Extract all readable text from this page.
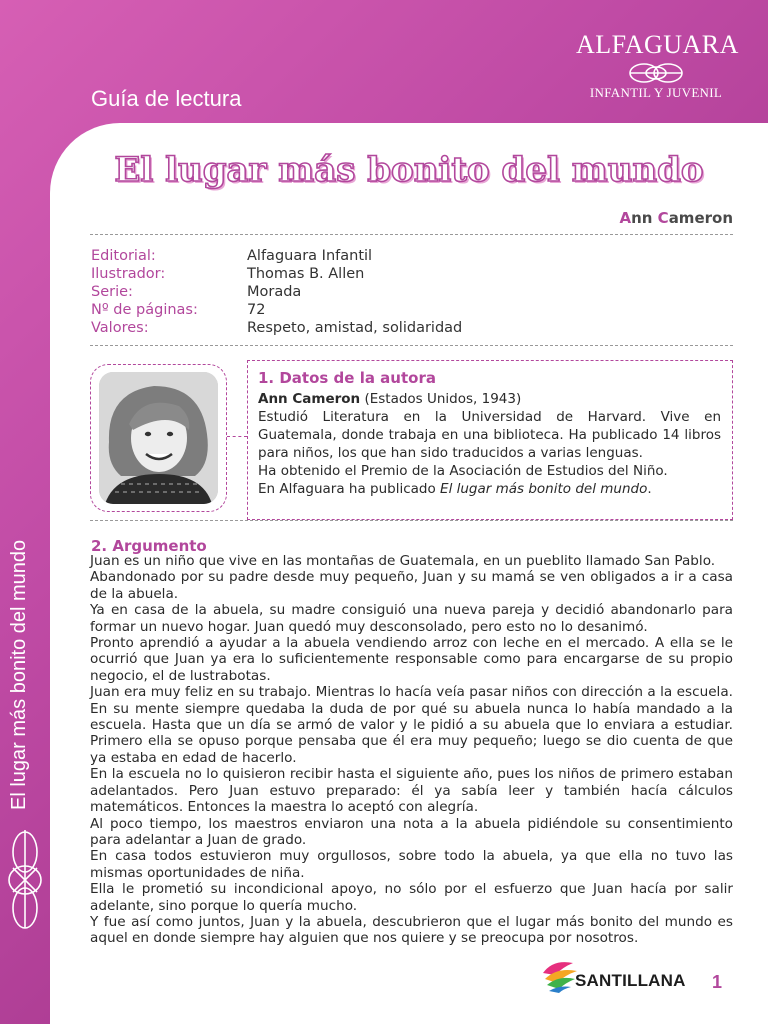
Guía de lectura
ALFAGUARA
INFANTIL Y JUVENIL
El lugar más bonito del mundo
El lugar más bonito del mundo
Ann Cameron
Editorial:	Alfaguara Infantil
Ilustrador:	Thomas B. Allen
Serie:	Morada
Nº de páginas:	72
Valores:	Respeto, amistad, solidaridad
1. Datos de la autora

Ann Cameron (Estados Unidos, 1943)

Estudió Literatura en la Universidad de Harvard. Vive en Guatemala, donde trabaja en una biblioteca. Ha publicado 14 libros para niños, los que han sido traducidos a varias lenguas.

Ha obtenido el Premio de la Asociación de Estudios del Niño.

En Alfaguara ha publicado El lugar más bonito del mundo.

2. Argumento

Juan es un niño que vive en las montañas de Guatemala, en un pueblito llamado San Pablo.

Abandonado por su padre desde muy pequeño, Juan y su mamá se ven obligados a ir a casa de la abuela.

Ya en casa de la abuela, su madre consiguió una nueva pareja y decidió abandonarlo para formar un nuevo hogar. Juan quedó muy desconsolado, pero esto no lo desanimó.

Pronto aprendió a ayudar a la abuela vendiendo arroz con leche en el mercado. A ella se le ocurrió que Juan ya era lo suficientemente responsable como para encargarse de su propio negocio, el de lustrabotas.

Juan era muy feliz en su trabajo. Mientras lo hacía veía pasar niños con dirección a la escuela. En su mente siempre quedaba la duda de por qué su abuela nunca lo había mandado a la escuela. Hasta que un día se armó de valor y le pidió a su abuela que lo enviara a estudiar. Primero ella se opuso porque pensaba que él era muy pequeño; luego se dio cuenta de que ya estaba en edad de hacerlo.

En la escuela no lo quisieron recibir hasta el siguiente año, pues los niños de primero estaban adelantados. Pero Juan estuvo preparado: él ya sabía leer y también hacía cálculos matemáticos. Entonces la maestra lo aceptó con alegría.

Al poco tiempo, los maestros enviaron una nota a la abuela pidiéndole su consentimiento para adelantar a Juan de grado.

En casa todos estuvieron muy orgullosos, sobre todo la abuela, ya que ella no tuvo las mismas oportunidades de niña.

Ella le prometió su incondicional apoyo, no sólo por el esfuerzo que Juan hacía por salir adelante, sino porque lo quería mucho.

Y fue así como juntos, Juan y la abuela, descubrieron que el lugar más bonito del mundo es aquel en donde siempre hay alguien que nos quiere y se preocupa por nosotros.

SANTILLANA 1
